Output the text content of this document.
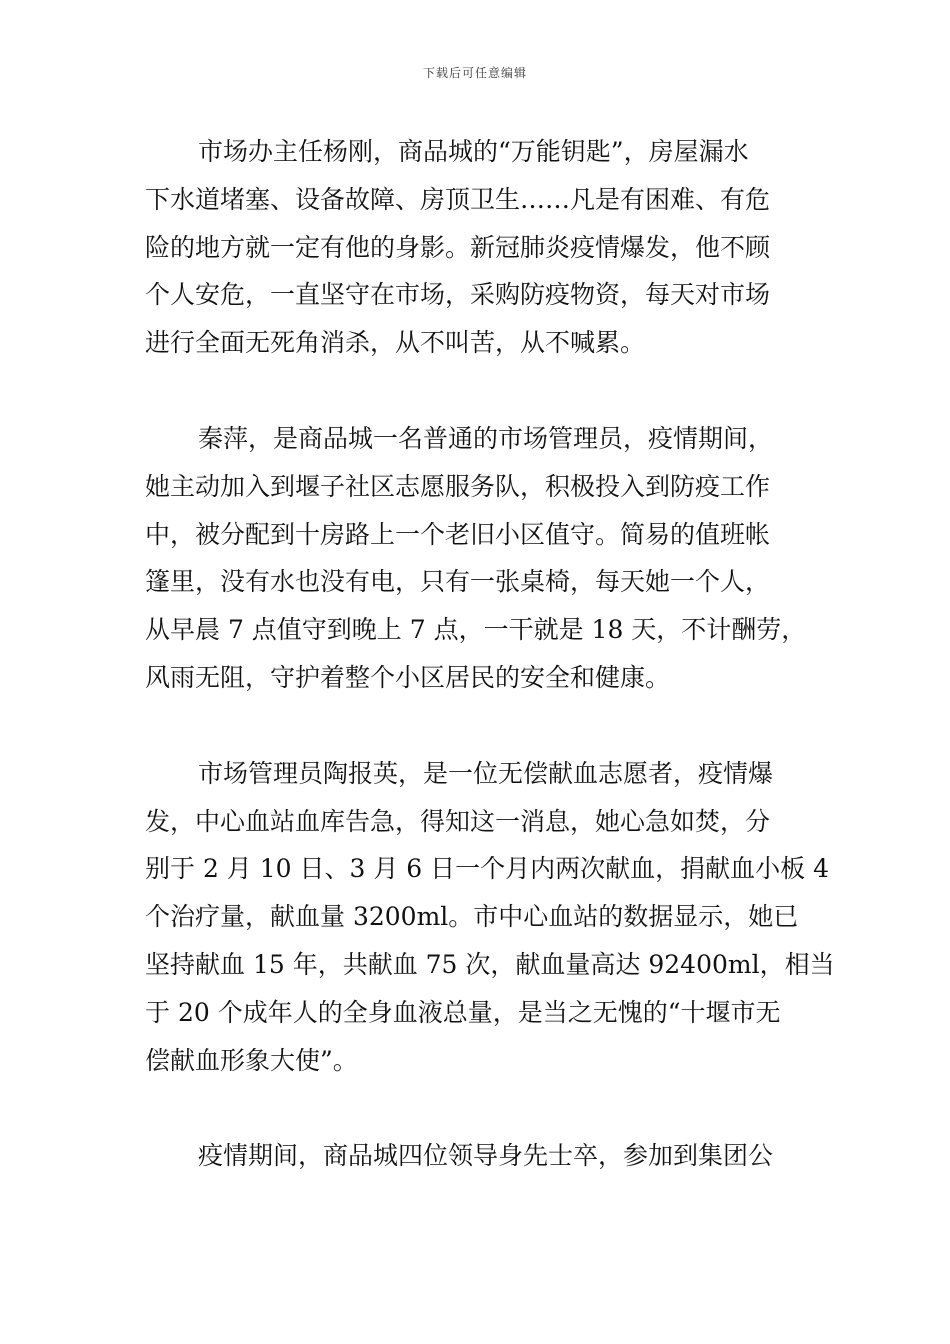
下载后可任意编辑
市场办主任杨刚，商品城的“万能钥匙”，房屋漏水
下水道堵塞、设备故障、房顶卫生……凡是有困难、有危
险的地方就一定有他的身影。新冠肺炎疫情爆发，他不顾
个人安危，一直坚守在市场，采购防疫物资，每天对市场
进行全面无死角消杀，从不叫苦，从不喊累。
秦萍，是商品城一名普通的市场管理员，疫情期间，
她主动加入到堰子社区志愿服务队，积极投入到防疫工作
中，被分配到十房路上一个老旧小区值守。简易的值班帐
篷里，没有水也没有电，只有一张桌椅，每天她一个人，
从早晨 7 点值守到晚上 7 点，一干就是 18 天，不计酬劳，
风雨无阻，守护着整个小区居民的安全和健康。
市场管理员陶报英，是一位无偿献血志愿者，疫情爆
发，中心血站血库告急，得知这一消息，她心急如焚，分
别于 2 月 10 日、3 月 6 日一个月内两次献血，捐献血小板 4
个治疗量，献血量 3200ml。市中心血站的数据显示，她已
坚持献血 15 年，共献血 75 次，献血量高达 92400ml，相当
于 20 个成年人的全身血液总量，是当之无愧的“十堰市无
偿献血形象大使”。
疫情期间，商品城四位领导身先士卒，参加到集团公
